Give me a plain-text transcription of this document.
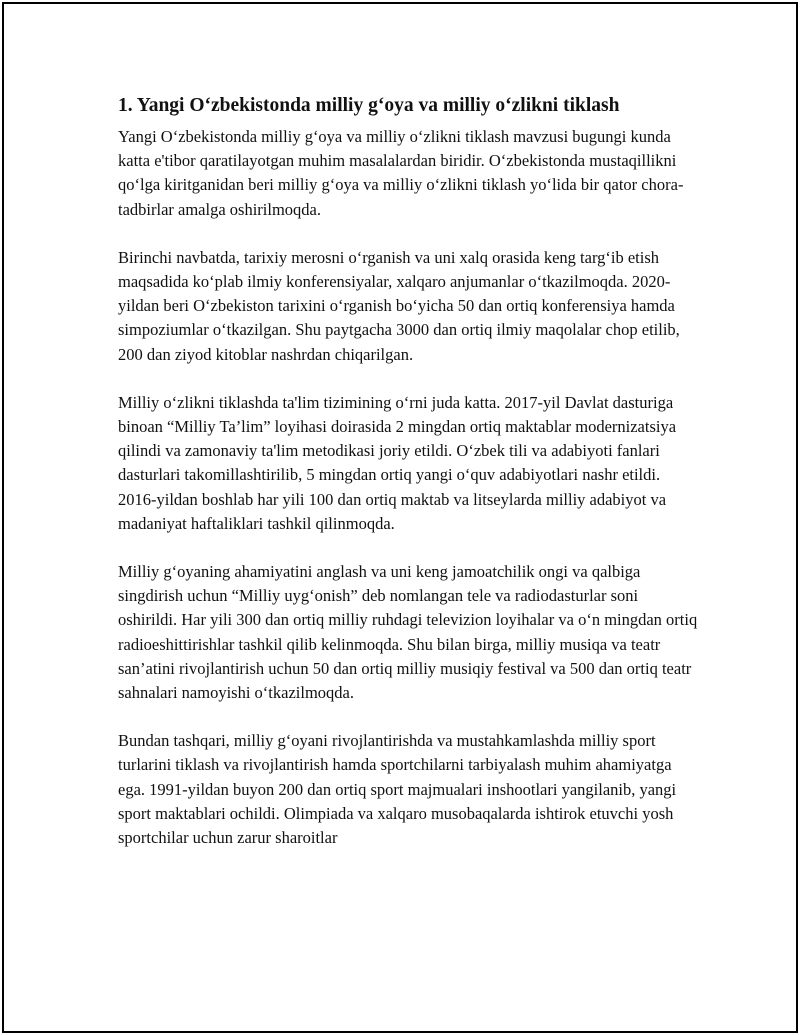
1. Yangi O‘zbekistonda milliy g‘oya va milliy o‘zlikni tiklash

Yangi O‘zbekistonda milliy g‘oya va milliy o‘zlikni tiklash mavzusi bugungi kunda katta e'tibor qaratilayotgan muhim masalalardan biridir. O‘zbekistonda mustaqillikni qo‘lga kiritganidan beri milliy g‘oya va milliy o‘zlikni tiklash yo‘lida bir qator chora-tadbirlar amalga oshirilmoqda.

Birinchi navbatda, tarixiy merosni o‘rganish va uni xalq orasida keng targ‘ib etish maqsadida ko‘plab ilmiy konferensiyalar, xalqaro anjumanlar o‘tkazilmoqda. 2020-yildan beri O‘zbekiston tarixini o‘rganish bo‘yicha 50 dan ortiq konferensiya hamda simpoziumlar o‘tkazilgan. Shu paytgacha 3000 dan ortiq ilmiy maqolalar chop etilib, 200 dan ziyod kitoblar nashrdan chiqarilgan.

Milliy o‘zlikni tiklashda ta'lim tizimining o‘rni juda katta. 2017-yil Davlat dasturiga binoan “Milliy Ta’lim” loyihasi doirasida 2 mingdan ortiq maktablar modernizatsiya qilindi va zamonaviy ta'lim metodikasi joriy etildi. O‘zbek tili va adabiyoti fanlari dasturlari takomillashtirilib, 5 mingdan ortiq yangi o‘quv adabiyotlari nashr etildi. 2016-yildan boshlab har yili 100 dan ortiq maktab va litseylarda milliy adabiyot va madaniyat haftaliklari tashkil qilinmoqda.

Milliy g‘oyaning ahamiyatini anglash va uni keng jamoatchilik ongi va qalbiga singdirish uchun “Milliy uyg‘onish” deb nomlangan tele va radiodasturlar soni oshirildi. Har yili 300 dan ortiq milliy ruhdagi televizion loyihalar va o‘n mingdan ortiq radioeshittirishlar tashkil qilib kelinmoqda. Shu bilan birga, milliy musiqa va teatr san’atini rivojlantirish uchun 50 dan ortiq milliy musiqiy festival va 500 dan ortiq teatr sahnalari namoyishi o‘tkazilmoqda.

Bundan tashqari, milliy g‘oyani rivojlantirishda va mustahkamlashda milliy sport turlarini tiklash va rivojlantirish hamda sportchilarni tarbiyalash muhim ahamiyatga ega. 1991-yildan buyon 200 dan ortiq sport majmualari inshootlari yangilanib, yangi sport maktablari ochildi. Olimpiada va xalqaro musobaqalarda ishtirok etuvchi yosh sportchilar uchun zarur sharoitlar
